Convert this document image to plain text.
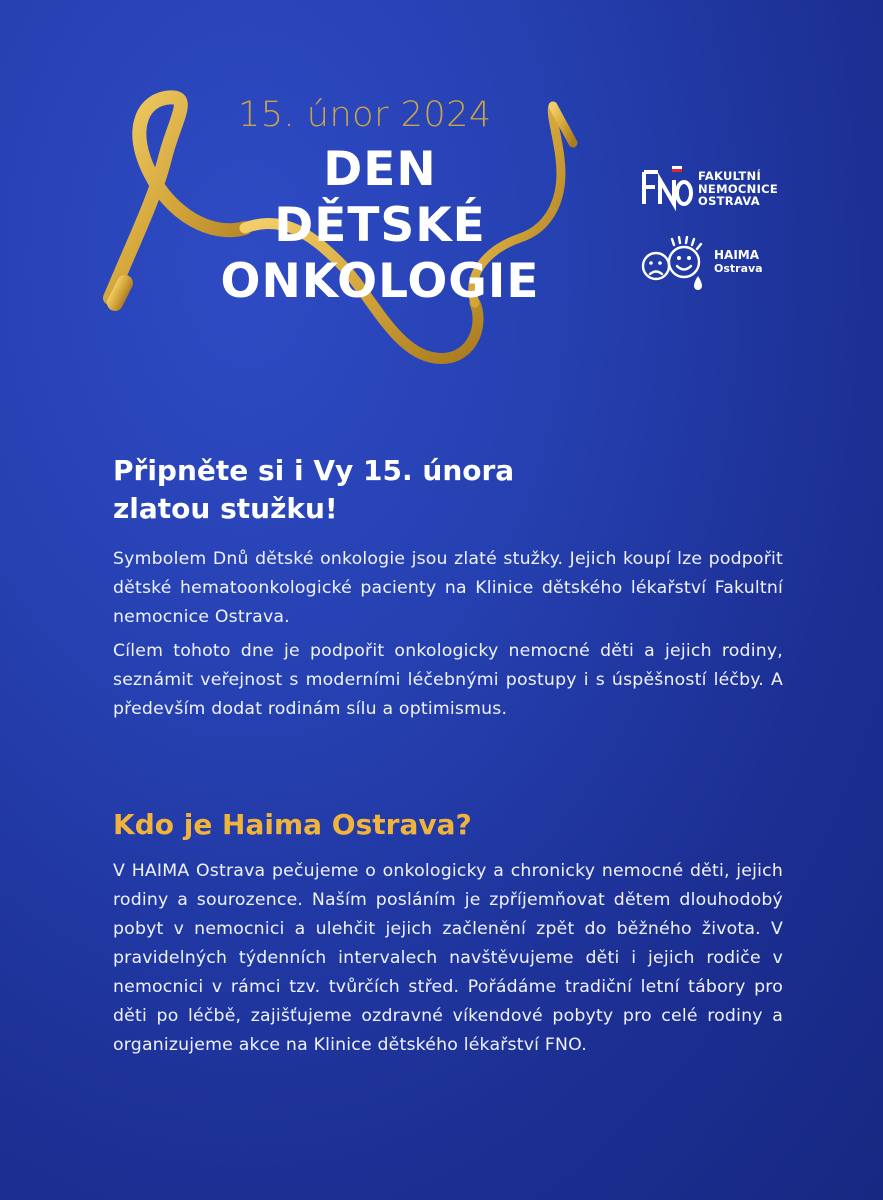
15. únor 2024
DEN
DĚTSKÉ
ONKOLOGIE
FAKULTNÍ
NEMOCNICE
OSTRAVA
HAIMA
Ostrava
Připněte si i Vy 15. února
zlatou stužku!

Symbolem Dnů dětské onkologie jsou zlaté stužky. Jejich koupí lze podpořit dětské hematoonkologické pacienty na Klinice dětského lékařství Fakultní nemocnice Ostrava.

Cílem tohoto dne je podpořit onkologicky nemocné děti a jejich rodiny, seznámit veřejnost s moderními léčebnými postupy i s úspěšností léčby. A především dodat rodinám sílu a optimismus.

Kdo je Haima Ostrava?

V HAIMA Ostrava pečujeme o onkologicky a chronicky nemocné děti, jejich rodiny a sourozence. Naším posláním je zpříjemňovat dětem dlouhodobý pobyt v nemocnici a ulehčit jejich začlenění zpět do běžného života. V pravidelných týdenních intervalech navštěvujeme děti i jejich rodiče v nemocnici v rámci tzv. tvůrčích střed. Pořádáme tradiční letní tábory pro děti po léčbě, zajišťujeme ozdravné víkendové pobyty pro celé rodiny a organizujeme akce na Klinice dětského lékařství FNO.
